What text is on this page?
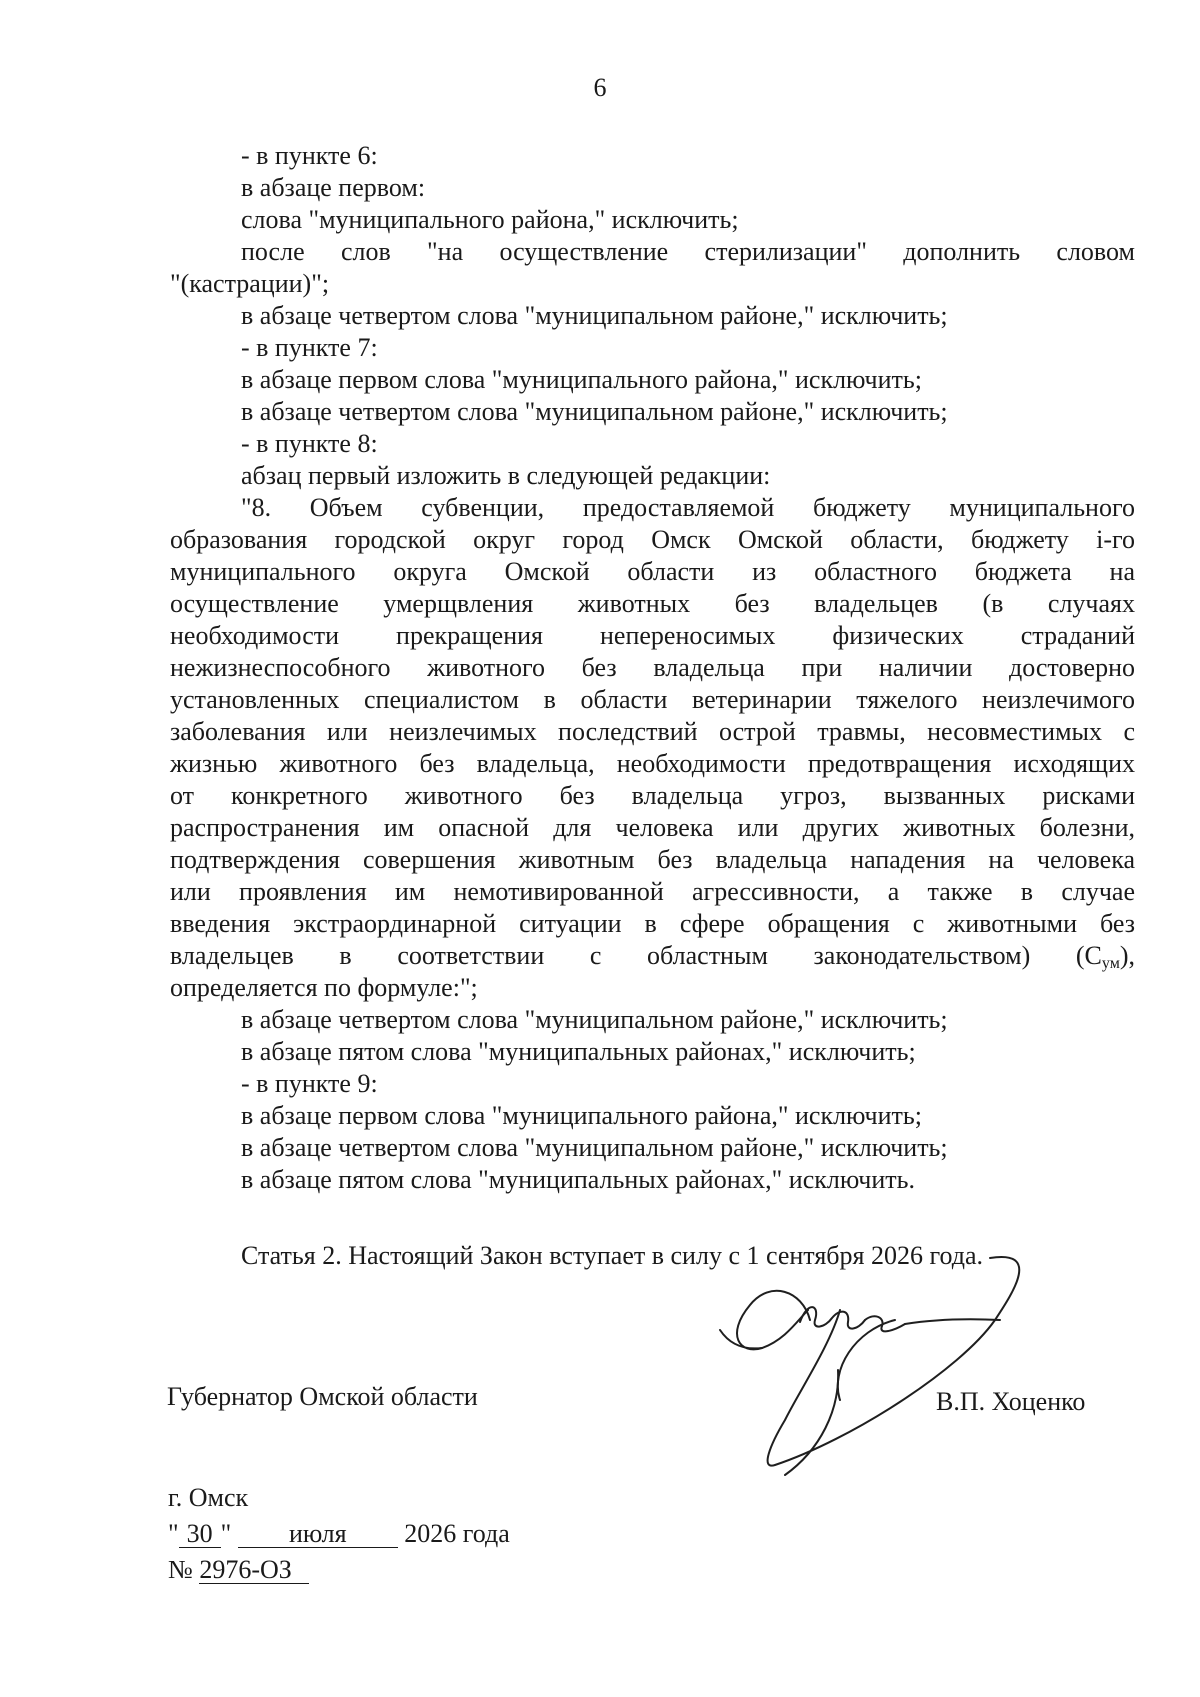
6
- в пункте 6:
в абзаце первом:
слова "муниципального района," исключить;
после слов "на осуществление стерилизации" дополнить словом
"(кастрации)";
в абзаце четвертом слова "муниципальном районе," исключить;
- в пункте 7:
в абзаце первом слова "муниципального района," исключить;
в абзаце четвертом слова "муниципальном районе," исключить;
- в пункте 8:
абзац первый изложить в следующей редакции:
"8. Объем субвенции, предоставляемой бюджету муниципального
образования городской округ город Омск Омской области, бюджету i-го
муниципального округа Омской области из областного бюджета на
осуществление умерщвления животных без владельцев (в случаях
необходимости прекращения непереносимых физических страданий
нежизнеспособного животного без владельца при наличии достоверно
установленных специалистом в области ветеринарии тяжелого неизлечимого
заболевания или неизлечимых последствий острой травмы, несовместимых с
жизнью животного без владельца, необходимости предотвращения исходящих
от конкретного животного без владельца угроз, вызванных рисками
распространения им опасной для человека или других животных болезни,
подтверждения совершения животным без владельца нападения на человека
или проявления им немотивированной агрессивности, а также в случае
введения экстраординарной ситуации в сфере обращения с животными без
владельцев в соответствии с областным законодательством) (С $_{ум}$),
определяется по формуле:";
в абзаце четвертом слова "муниципальном районе," исключить;
в абзаце пятом слова "муниципальных районах," исключить;
- в пункте 9:
в абзаце первом слова "муниципального района," исключить;
в абзаце четвертом слова "муниципальном районе," исключить;
в абзаце пятом слова "муниципальных районах," исключить.
Статья 2. Настоящий Закон вступает в силу с 1 сентября 2026 года.
Губернатор Омской области	В.П. Хоценко
г. Омск
" 30 " июля 2026 года
№ 2976-ОЗ
